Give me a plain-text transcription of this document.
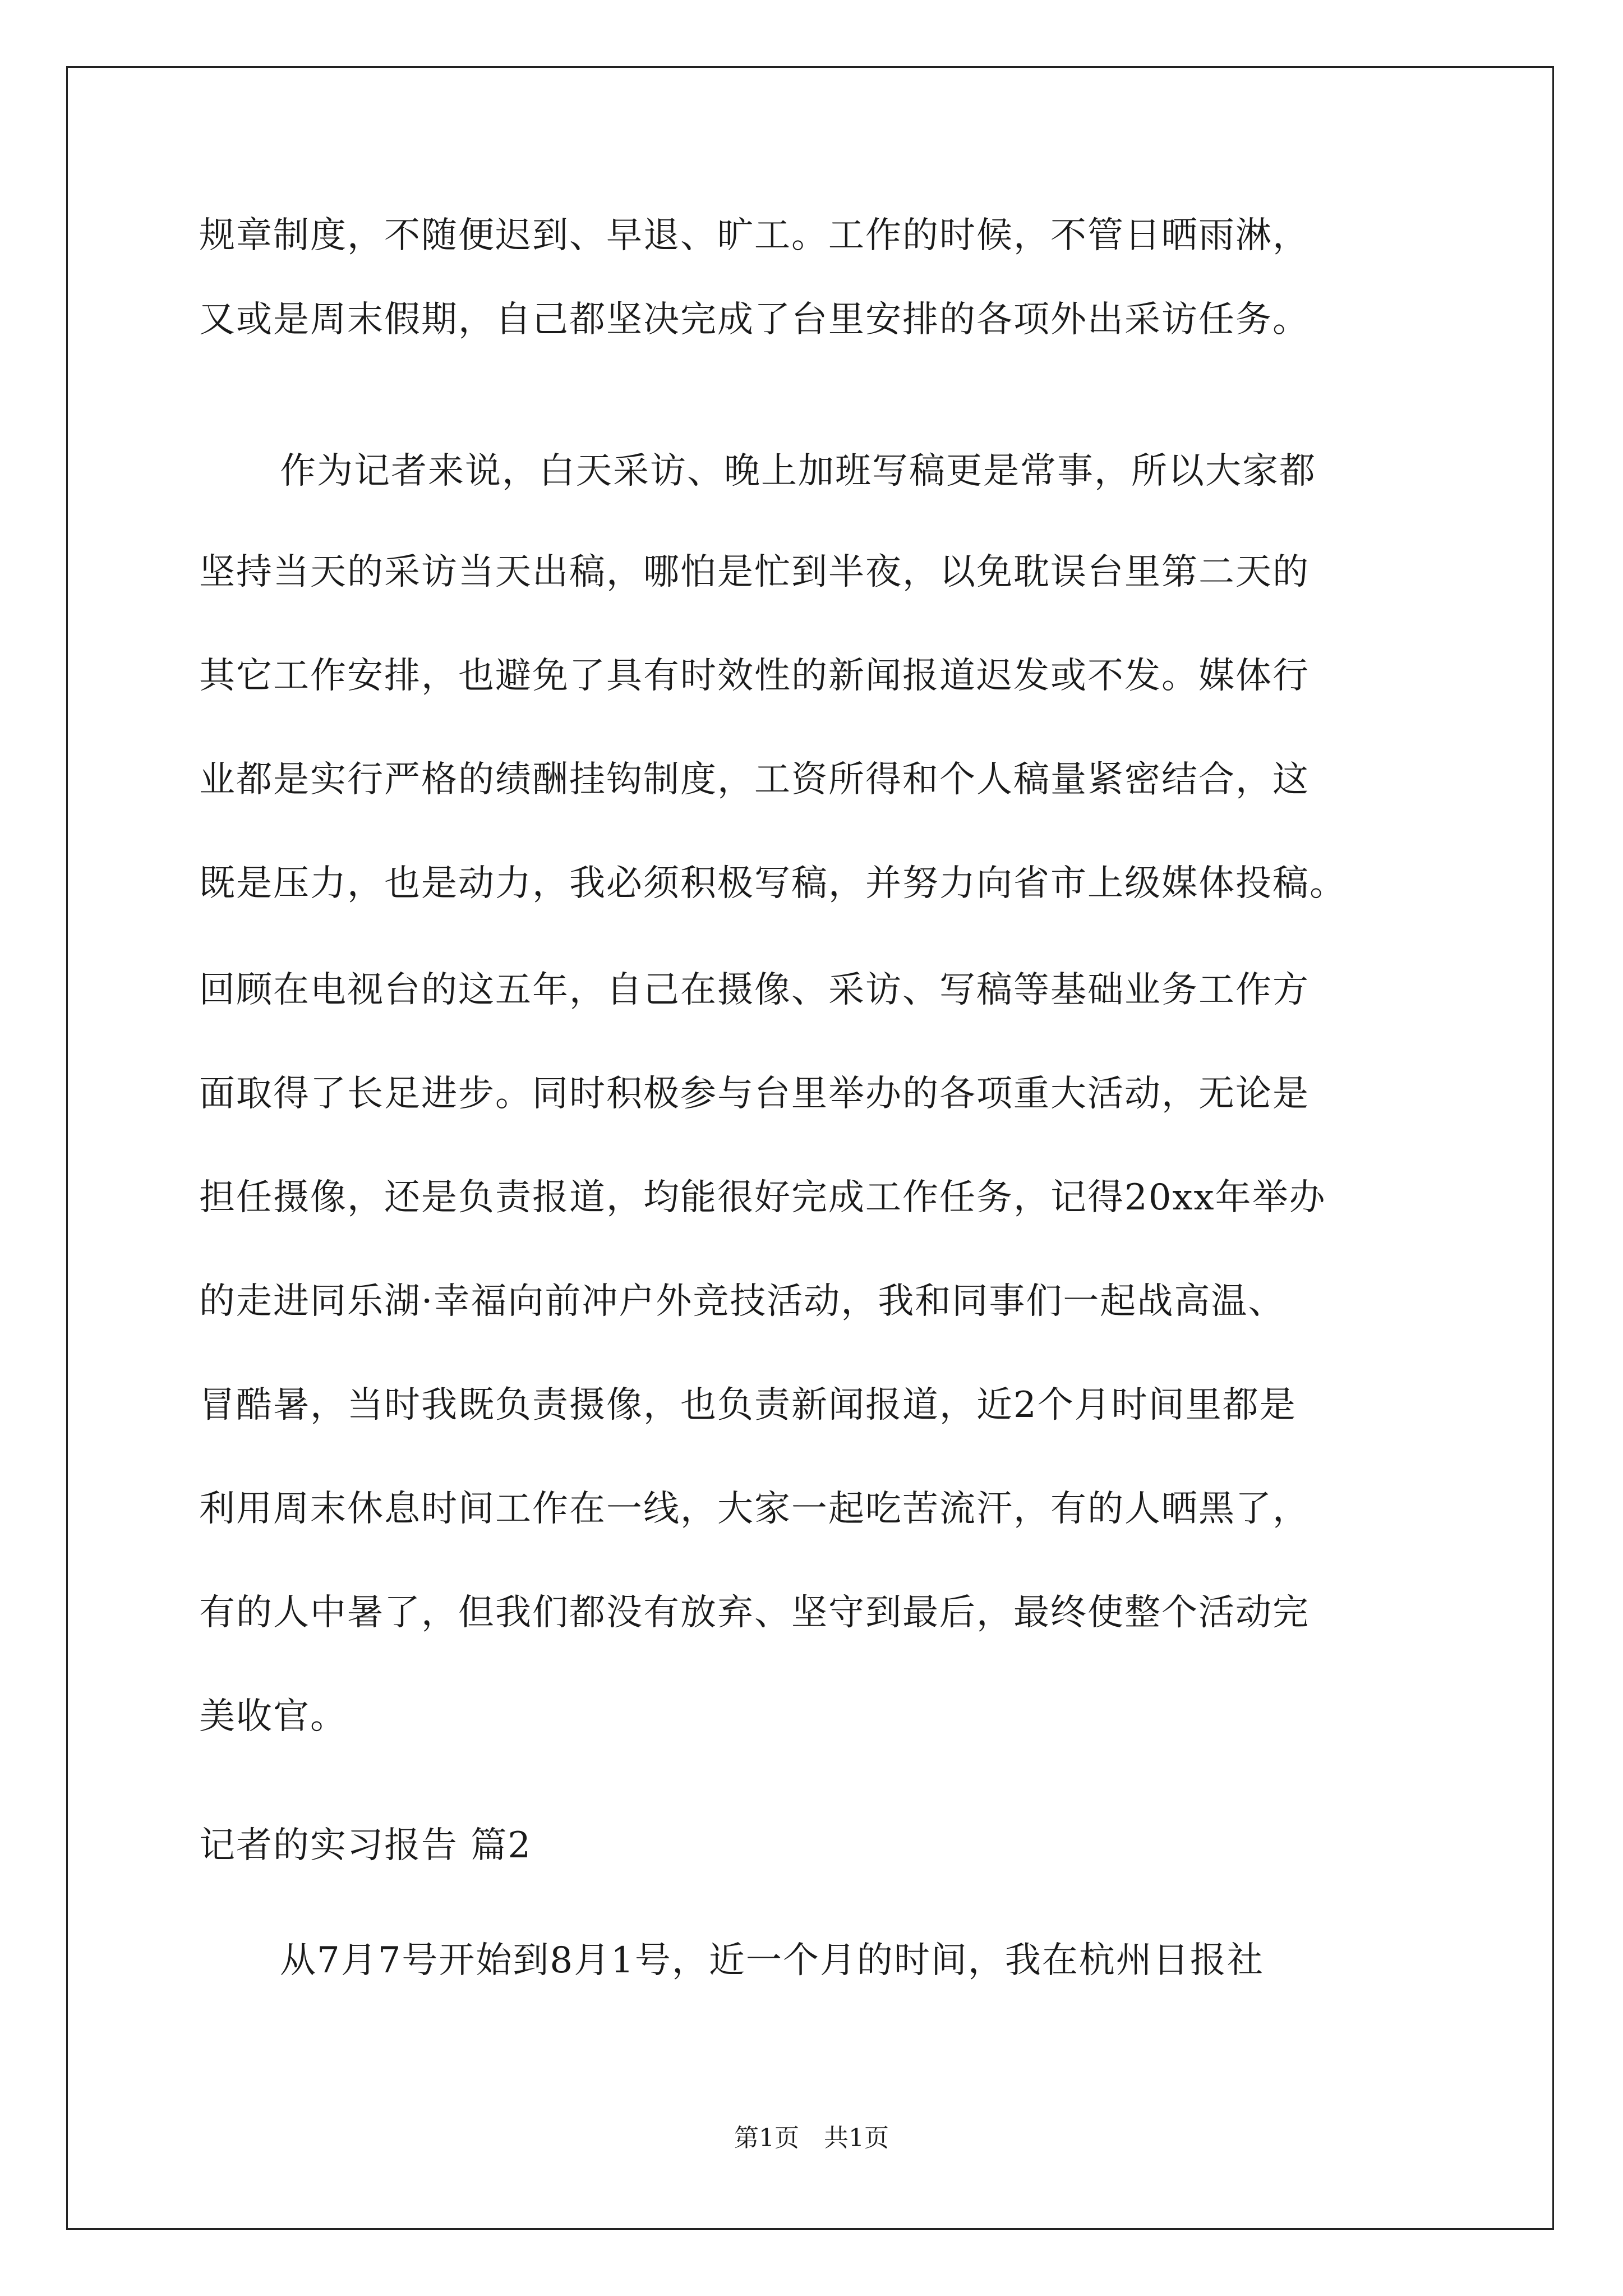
规章制度，不随便迟到、早退、旷工。工作的时候，不管日晒雨淋，
又或是周末假期，自己都坚决完成了台里安排的各项外出采访任务。
作为记者来说，白天采访、晚上加班写稿更是常事，所以大家都
坚持当天的采访当天出稿，哪怕是忙到半夜，以免耽误台里第二天的
其它工作安排，也避免了具有时效性的新闻报道迟发或不发。媒体行
业都是实行严格的绩酬挂钩制度，工资所得和个人稿量紧密结合，这
既是压力，也是动力，我必须积极写稿，并努力向省市上级媒体投稿。
回顾在电视台的这五年，自己在摄像、采访、写稿等基础业务工作方
面取得了长足进步。同时积极参与台里举办的各项重大活动，无论是
担任摄像，还是负责报道，均能很好完成工作任务，记得20xx年举办
的走进同乐湖·幸福向前冲户外竞技活动，我和同事们一起战高温、
冒酷暑，当时我既负责摄像，也负责新闻报道，近2个月时间里都是
利用周末休息时间工作在一线，大家一起吃苦流汗，有的人晒黑了，
有的人中暑了，但我们都没有放弃、坚守到最后，最终使整个活动完
美收官。
记者的实习报告 篇2
从7月7号开始到8月1号，近一个月的时间，我在杭州日报社
第1页　共1页
